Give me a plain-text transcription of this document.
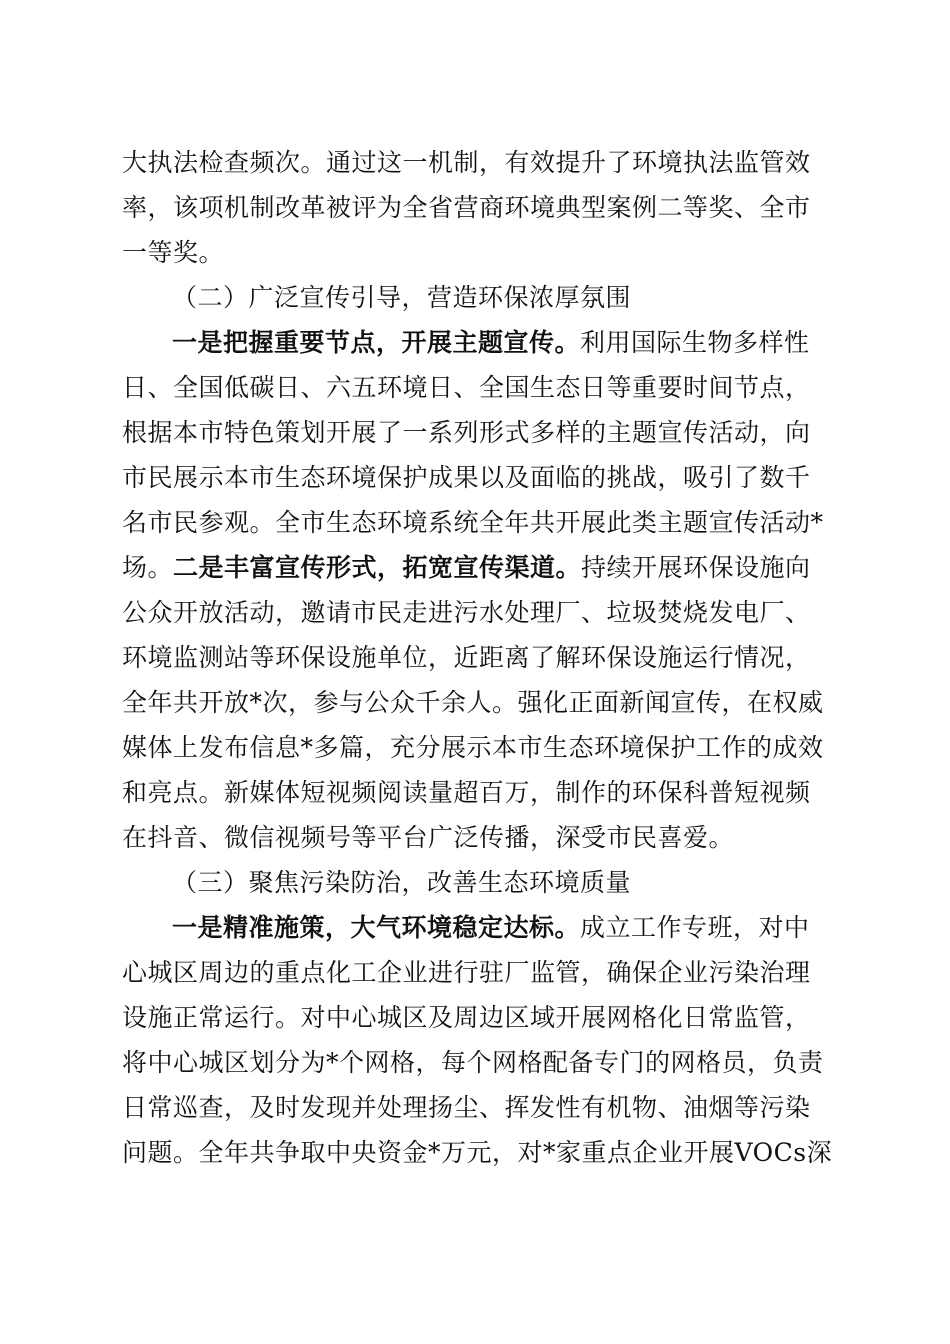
大执法检查频次。通过这一机制，有效提升了环境执法监管效
率，该项机制改革被评为全省营商环境典型案例二等奖、全市
一等奖。
（二）广泛宣传引导，营造环保浓厚氛围
一是把握重要节点，开展主题宣传。利用国际生物多样性
日、全国低碳日、六五环境日、全国生态日等重要时间节点，
根据本市特色策划开展了一系列形式多样的主题宣传活动，向
市民展示本市生态环境保护成果以及面临的挑战，吸引了数千
名市民参观。全市生态环境系统全年共开展此类主题宣传活动*
场。二是丰富宣传形式，拓宽宣传渠道。持续开展环保设施向
公众开放活动，邀请市民走进污水处理厂、垃圾焚烧发电厂、
环境监测站等环保设施单位，近距离了解环保设施运行情况，
全年共开放*次，参与公众千余人。强化正面新闻宣传，在权威
媒体上发布信息*多篇，充分展示本市生态环境保护工作的成效
和亮点。新媒体短视频阅读量超百万，制作的环保科普短视频
在抖音、微信视频号等平台广泛传播，深受市民喜爱。
（三）聚焦污染防治，改善生态环境质量
一是精准施策，大气环境稳定达标。成立工作专班，对中
心城区周边的重点化工企业进行驻厂监管，确保企业污染治理
设施正常运行。对中心城区及周边区域开展网格化日常监管，
将中心城区划分为*个网格，每个网格配备专门的网格员，负责
日常巡查，及时发现并处理扬尘、挥发性有机物、油烟等污染
问题。全年共争取中央资金*万元，对*家重点企业开展VOCs深
